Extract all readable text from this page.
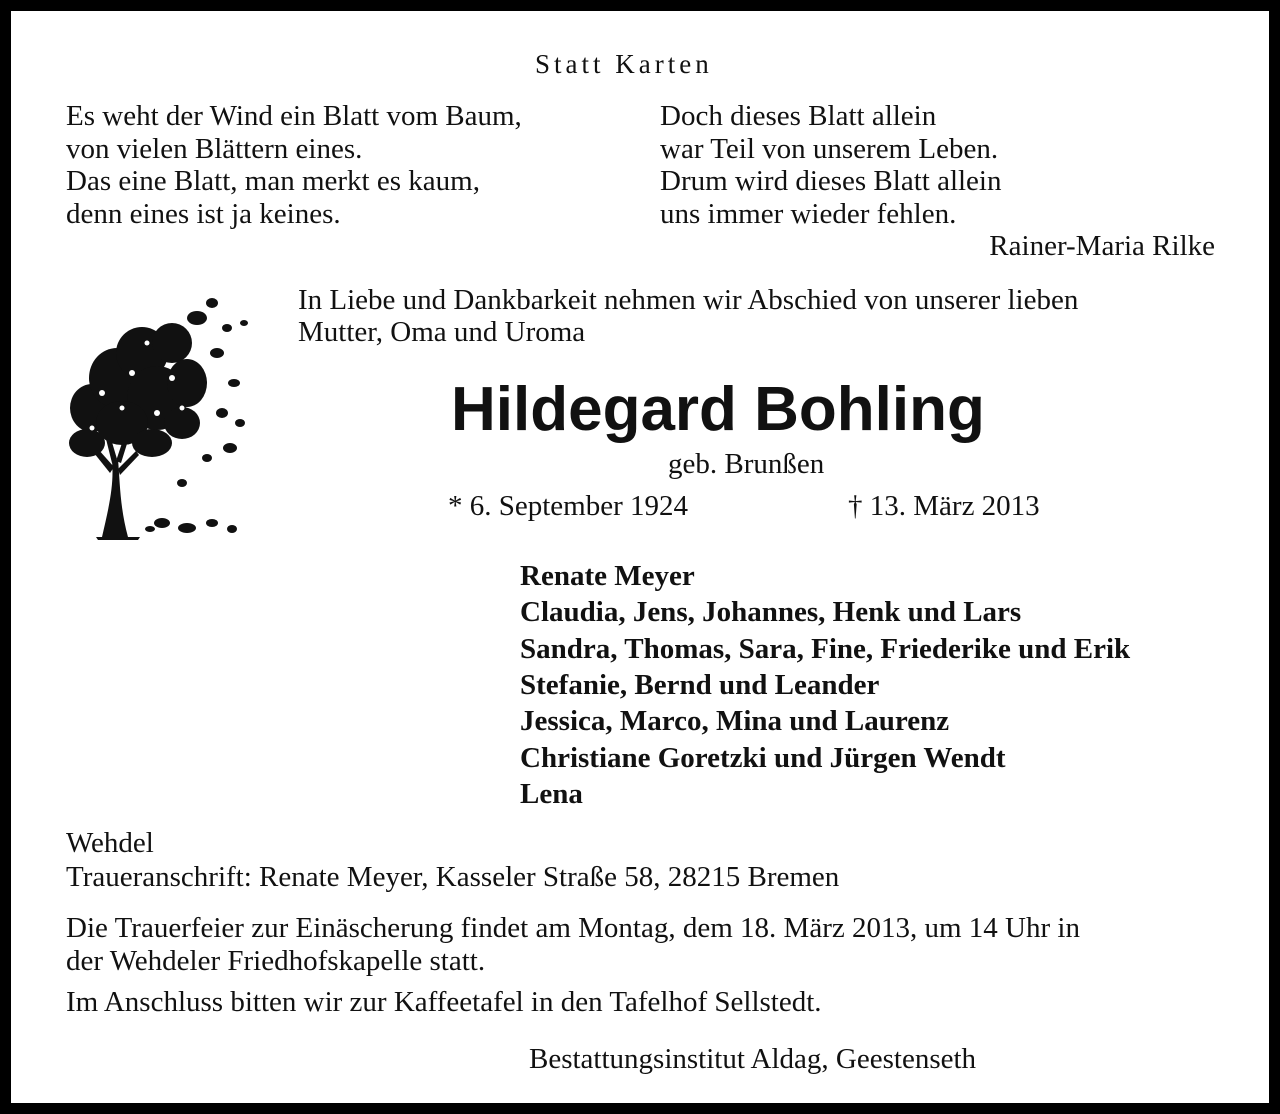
Statt Karten

Es weht der Wind ein Blatt vom Baum,

von vielen Blättern eines.

Das eine Blatt, man merkt es kaum,

denn eines ist ja keines.

Doch dieses Blatt allein

war Teil von unserem Leben.

Drum wird dieses Blatt allein

uns immer wieder fehlen.

Rainer-Maria Rilke

In Liebe und Dankbarkeit nehmen wir Abschied von unserer lieben

Mutter, Oma und Uroma

Hildegard Bohling

geb. Brunßen

* 6. September 1924	† 13. März 2013

Renate Meyer

Claudia, Jens, Johannes, Henk und Lars

Sandra, Thomas, Sara, Fine, Friederike und Erik

Stefanie, Bernd und Leander

Jessica, Marco, Mina und Laurenz

Christiane Goretzki und Jürgen Wendt

Lena

Wehdel

Traueranschrift: Renate Meyer, Kasseler Straße 58, 28215 Bremen

Die Trauerfeier zur Einäscherung findet am Montag, dem 18. März 2013, um 14 Uhr in

der Wehdeler Friedhofskapelle statt.

Im Anschluss bitten wir zur Kaffeetafel in den Tafelhof Sellstedt.

Bestattungsinstitut Aldag, Geestenseth
